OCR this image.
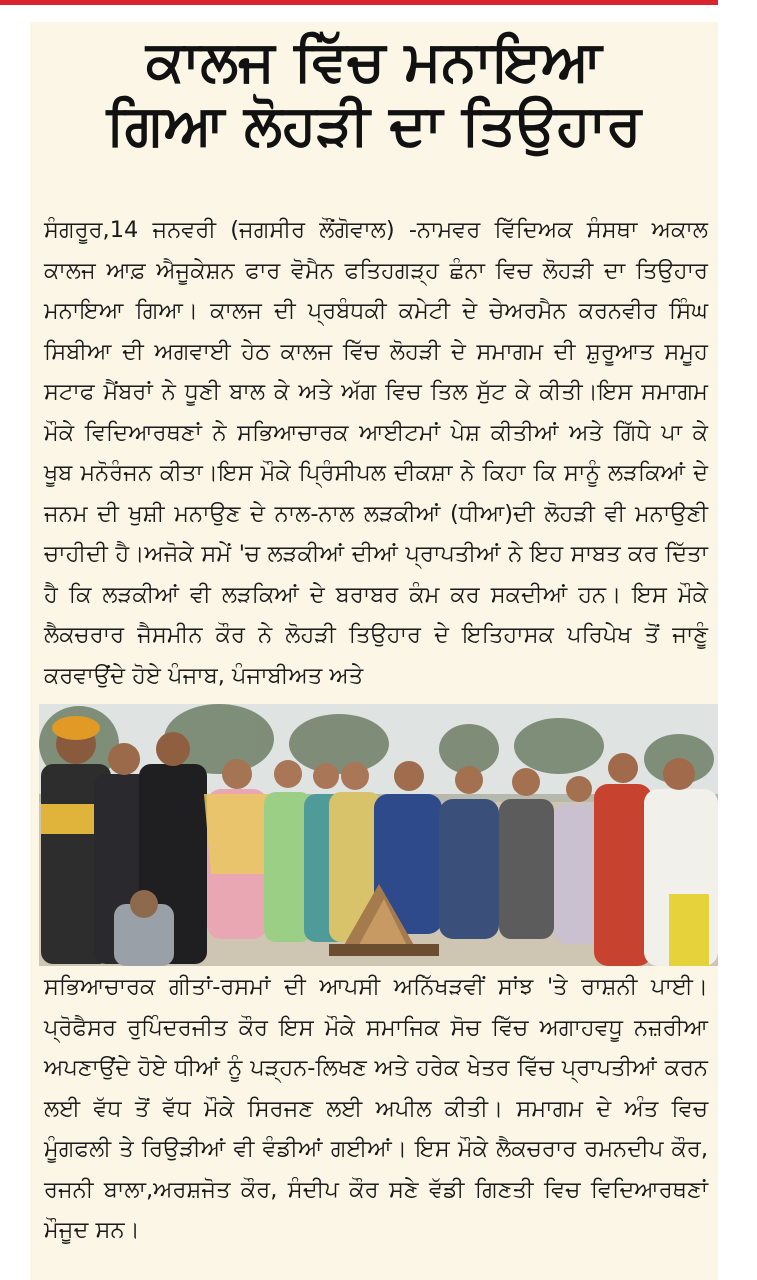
ਕਾਲਜ ਵਿੱਚ ਮਨਾਇਆ
ਗਿਆ ਲੋਹੜੀ ਦਾ ਤਿਉਹਾਰ

ਸੰਗਰੂਰ,14 ਜਨਵਰੀ (ਜਗਸੀਰ ਲੌਂਗੋਵਾਲ) -ਨਾਮਵਰ ਵਿੱਦਿਅਕ ਸੰਸਥਾ ਅਕਾਲ ਕਾਲਜ ਆਫ਼ ਐਜੂਕੇਸ਼ਨ ਫਾਰ ਵੋਮੈਨ ਫਤਿਹਗੜ੍ਹ ਛੰਨਾ ਵਿਚ ਲੋਹੜੀ ਦਾ ਤਿਉਹਾਰ ਮਨਾਇਆ ਗਿਆ। ਕਾਲਜ ਦੀ ਪ੍ਰਬੰਧਕੀ ਕਮੇਟੀ ਦੇ ਚੇਅਰਮੈਨ ਕਰਨਵੀਰ ਸਿੰਘ ਸਿਬੀਆ ਦੀ ਅਗਵਾਈ ਹੇਠ ਕਾਲਜ ਵਿੱਚ ਲੋਹੜੀ ਦੇ ਸਮਾਗਮ ਦੀ ਸ਼ੁਰੂਆਤ ਸਮੂਹ ਸਟਾਫ ਮੈਂਬਰਾਂ ਨੇ ਧੂਣੀ ਬਾਲ ਕੇ ਅਤੇ ਅੱਗ ਵਿਚ ਤਿਲ ਸੁੱਟ ਕੇ ਕੀਤੀ।ਇਸ ਸਮਾਗਮ ਮੌਕੇ ਵਿਦਿਆਰਥਣਾਂ ਨੇ ਸਭਿਆਚਾਰਕ ਆਈਟਮਾਂ ਪੇਸ਼ ਕੀਤੀਆਂ ਅਤੇ ਗਿੱਧੇ ਪਾ ਕੇ ਖੂਬ ਮਨੋਰੰਜਨ ਕੀਤਾ।ਇਸ ਮੌਕੇ ਪ੍ਰਿੰਸੀਪਲ ਦੀਕਸ਼ਾ ਨੇ ਕਿਹਾ ਕਿ ਸਾਨੂੰ ਲੜਕਿਆਂ ਦੇ ਜਨਮ ਦੀ ਖੁਸ਼ੀ ਮਨਾਉਣ ਦੇ ਨਾਲ-ਨਾਲ ਲੜਕੀਆਂ (ਧੀਆ)ਦੀ ਲੋਹੜੀ ਵੀ ਮਨਾਉਣੀ ਚਾਹੀਦੀ ਹੈ।ਅਜੋਕੇ ਸਮੇਂ 'ਚ ਲੜਕੀਆਂ ਦੀਆਂ ਪ੍ਰਾਪਤੀਆਂ ਨੇ ਇਹ ਸਾਬਤ ਕਰ ਦਿੱਤਾ ਹੈ ਕਿ ਲੜਕੀਆਂ ਵੀ ਲੜਕਿਆਂ ਦੇ ਬਰਾਬਰ ਕੰਮ ਕਰ ਸਕਦੀਆਂ ਹਨ। ਇਸ ਮੌਕੇ ਲੈਕਚਰਾਰ ਜੈਸਮੀਨ ਕੌਰ ਨੇ ਲੋਹੜੀ ਤਿਉਹਾਰ ਦੇ ਇਤਿਹਾਸਕ ਪਰਿਪੇਖ ਤੋਂ ਜਾਣੂੰ ਕਰਵਾਉਂਦੇ ਹੋਏ ਪੰਜਾਬ, ਪੰਜਾਬੀਅਤ ਅਤੇ

ਸਭਿਆਚਾਰਕ ਗੀਤਾਂ-ਰਸਮਾਂ ਦੀ ਆਪਸੀ ਅਨਿੱਖੜਵੀਂ ਸਾਂਝ 'ਤੇ ਰਾਸ਼ਨੀ ਪਾਈ। ਪ੍ਰੋਫੈਸਰ ਰੁਪਿੰਦਰਜੀਤ ਕੌਰ ਇਸ ਮੌਕੇ ਸਮਾਜਿਕ ਸੋਚ ਵਿੱਚ ਅਗਾਹਵਧੂ ਨਜ਼ਰੀਆ ਅਪਣਾਉਂਦੇ ਹੋਏ ਧੀਆਂ ਨੂੰ ਪੜ੍ਹਨ-ਲਿਖਣ ਅਤੇ ਹਰੇਕ ਖੇਤਰ ਵਿੱਚ ਪ੍ਰਾਪਤੀਆਂ ਕਰਨ ਲਈ ਵੱਧ ਤੋਂ ਵੱਧ ਮੌਕੇ ਸਿਰਜਣ ਲਈ ਅਪੀਲ ਕੀਤੀ। ਸਮਾਗਮ ਦੇ ਅੰਤ ਵਿਚ ਮੂੰਗਫਲੀ ਤੇ ਰਿਉੜੀਆਂ ਵੀ ਵੰਡੀਆਂ ਗਈਆਂ। ਇਸ ਮੌਕੇ ਲੈਕਚਰਾਰ ਰਮਨਦੀਪ ਕੌਰ, ਰਜਨੀ ਬਾਲਾ,ਅਰਸ਼ਜੋਤ ਕੌਰ, ਸੰਦੀਪ ਕੌਰ ਸਣੇ ਵੱਡੀ ਗਿਣਤੀ ਵਿਚ ਵਿਦਿਆਰਥਣਾਂ ਮੌਜੂਦ ਸਨ।
